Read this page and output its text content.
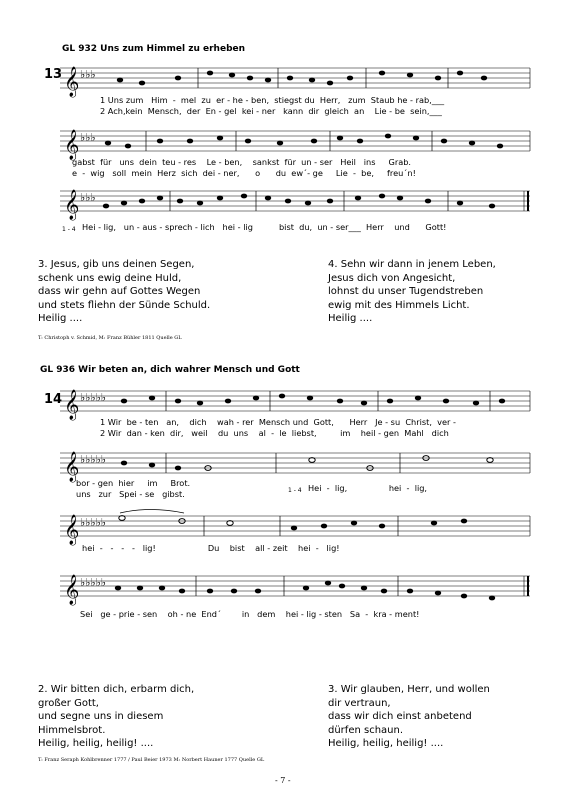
GL 932 Uns zum Himmel zu erheben
13 𝄞 ♭♭♭
1 Uns zum   Him  -  mel  zu  er - he - ben,  stiegst du  Herr,   zum  Staub he - rab,___
2 Ach,kein  Mensch,  der  En - gel  kei - ner   kann  dir  gleich  an    Lie - be  sein,___
𝄞 ♭♭♭
gabst  für   uns  dein  teu - res    Le - ben,    sankst  für  un - ser   Heil   ins     Grab.
e  -  wig   soll  mein  Herz  sich  dei - ner,      o      du  ew´- ge     Lie  -  be,     freu´n!
𝄞 ♭♭♭
1 - 4 Hei - lig,   un - aus - sprech - lich   hei - lig          bist  du,  un - ser___  Herr    und      Gott!
3. Jesus, gib uns deinen Segen,
schenk uns ewig deine Huld,
dass wir gehn auf Gottes Wegen
und stets fliehn der Sünde Schuld.
Heilig ....
4. Sehn wir dann in jenem Leben,
Jesus dich von Angesicht,
lohnst du unser Tugendstreben
ewig mit des Himmels Licht.
Heilig ....
T: Christoph v. Schmid, M: Franz Bühler 1811 Quelle GL
GL 936 Wir beten an, dich wahrer Mensch und Gott
14 𝄞 ♭♭♭♭♭
1 Wir  be - ten   an,    dich    wah - rer  Mensch und  Gott,      Herr   Je - su  Christ,  ver -
2 Wir  dan - ken  dir,   weil    du  uns    al  -  le  liebst,         im    heil - gen  Mahl   dich
𝄞 ♭♭♭♭♭
bor - gen  hier     im     Brot.
uns   zur   Spei - se   gibst.	1 - 4 Hei  -  lig,                hei  -  lig,
𝄞 ♭♭♭♭♭
hei  -   -   -   -   lig!                    Du    bist    all - zeit    hei  -   lig!
𝄞 ♭♭♭♭♭
Sei   ge - prie - sen    oh - ne  End´        in   dem    hei - lig - sten   Sa  -  kra - ment!
2. Wir bitten dich, erbarm dich,
großer Gott,
und segne uns in diesem
Himmelsbrot.
Heilig, heilig, heilig! ....
3. Wir glauben, Herr, und wollen
dir vertraun,
dass wir dich einst anbetend
dürfen schaun.
Heilig, heilig, heilig! ....
T: Franz Seraph Kohlbrenner 1777 / Paul Beier 1973 M: Norbert Hauner 1777 Quelle GL
- 7 -
